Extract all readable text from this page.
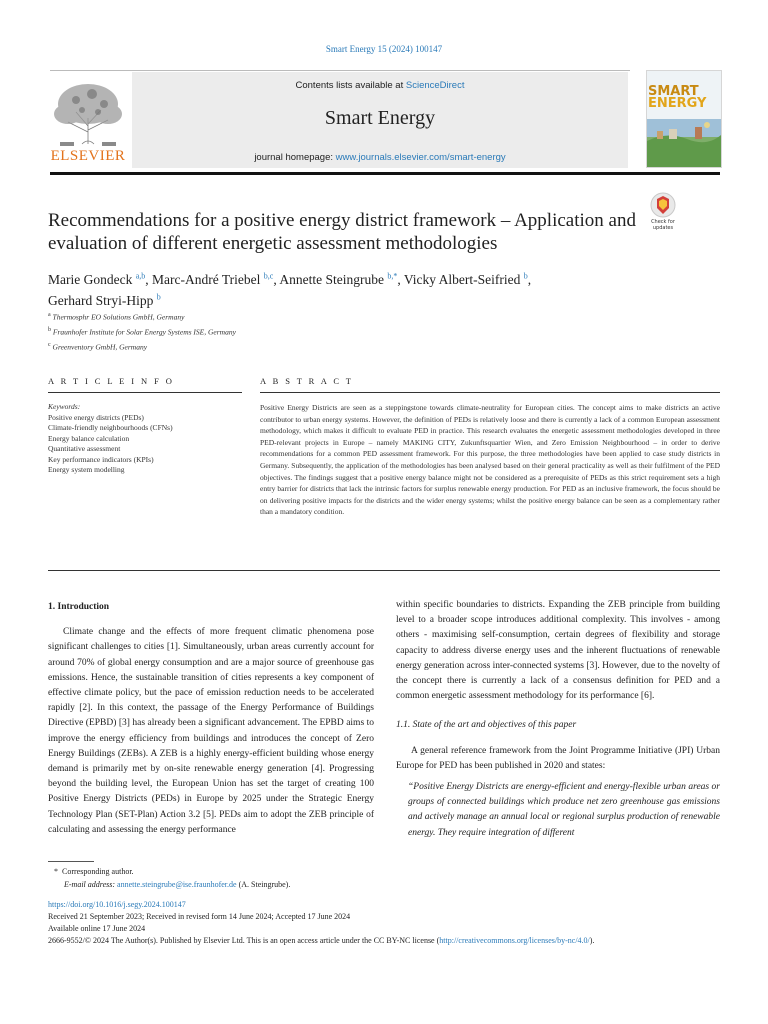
Smart Energy 15 (2024) 100147
ELSEVIER
Contents lists available at ScienceDirect
Smart Energy
journal homepage: www.journals.elsevier.com/smart-energy
SMART
ENERGY
Recommendations for a positive energy district framework – Application and evaluation of different energetic assessment methodologies
Check for
updates
Marie Gondeck $^{a,b}$, Marc-André Triebel $^{b,c}$, Annette Steingrube $^{b,*}$, Vicky Albert-Seifried $^b$,
Gerhard Stryi-Hipp $^b$
$^a$ Thermosphr EO Solutions GmbH, Germany
$^b$ Fraunhofer Institute for Solar Energy Systems ISE, Germany
$^c$ Greenventory GmbH, Germany
A R T I C L E I N F O	A B S T R A C T
Keywords:
Positive energy districts (PEDs)
Climate-friendly neighbourhoods (CFNs)
Energy balance calculation
Quantitative assessment
Key performance indicators (KPIs)
Energy system modelling
Positive Energy Districts are seen as a steppingstone towards climate-neutrality for European cities. The concept aims to make districts an active contributor to urban energy systems. However, the definition of PEDs is relatively loose and there is currently a lack of a common European assessment methodology, which makes it difficult to evaluate PED in practice. This research evaluates the energetic assessment methodologies developed in three PED-relevant projects in Europe – namely MAKING CITY, Zukunftsquartier Wien, and Zero Emission Neighbourhood – in order to derive recommendations for a common PED assessment framework. For this purpose, the three methodologies have been applied to case study districts in Germany. Subsequently, the application of the methodologies has been analysed based on their general practicality as well as their fulfilment of the PED objectives. The findings suggest that a positive energy balance might not be considered as a prerequisite of PEDs as this strict requirement sets a high entry barrier for districts that lack the intrinsic factors for surplus renewable energy production. For PED as an inclusive framework, the focus should be on delivering positive impacts for the districts and the wider energy systems; whilst the positive energy balance can be seen as a complementary rather than a mandatory condition.
1. Introduction

Climate change and the effects of more frequent climatic phenomena pose significant challenges to cities [1]. Simultaneously, urban areas currently account for around 70% of global energy consumption and are a major source of greenhouse gas emissions. Hence, the sustainable transition of cities represents a key component of effective climate policy, but the pace of emission reduction needs to be accelerated rapidly [2]. In this context, the passage of the Energy Performance of Buildings Directive (EPBD) [3] has already been a significant advancement. The EPBD aims to improve the energy efficiency from buildings and introduces the concept of Zero Energy Buildings (ZEBs). A ZEB is a highly energy-efficient building whose energy demand is primarily met by on-site renewable energy generation [4]. Progressing beyond the building level, the European Union has set the target of creating 100 Positive Energy Districts (PEDs) in Europe by 2025 under the Strategic Energy Technology Plan (SET-Plan) Action 3.2 [5]. PEDs aim to adopt the ZEB principle of calculating and assessing the energy performance

within specific boundaries to districts. Expanding the ZEB principle from building level to a broader scope introduces additional complexity. This involves - among others - maximising self-consumption, certain degrees of flexibility and storage capacity to address diverse energy uses and the inherent fluctuations of renewable energy generation across inter-connected systems [3]. However, due to the novelty of the concept there is currently a lack of a consensus definition for PED and a common energetic assessment methodology for its performance [6].

1.1. State of the art and objectives of this paper

A general reference framework from the Joint Programme Initiative (JPI) Urban Europe for PED has been published in 2020 and states:

“Positive Energy Districts are energy-efficient and energy-flexible urban areas or groups of connected buildings which produce net zero greenhouse gas emissions and actively manage an annual local or regional surplus production of renewable energy. They require integration of different

* Corresponding author.
E-mail address: annette.steingrube@ise.fraunhofer.de (A. Steingrube).
https://doi.org/10.1016/j.segy.2024.100147
Received 21 September 2023; Received in revised form 14 June 2024; Accepted 17 June 2024
Available online 17 June 2024
2666-9552/© 2024 The Author(s). Published by Elsevier Ltd. This is an open access article under the CC BY-NC license (http://creativecommons.org/licenses/by-nc/4.0/).
